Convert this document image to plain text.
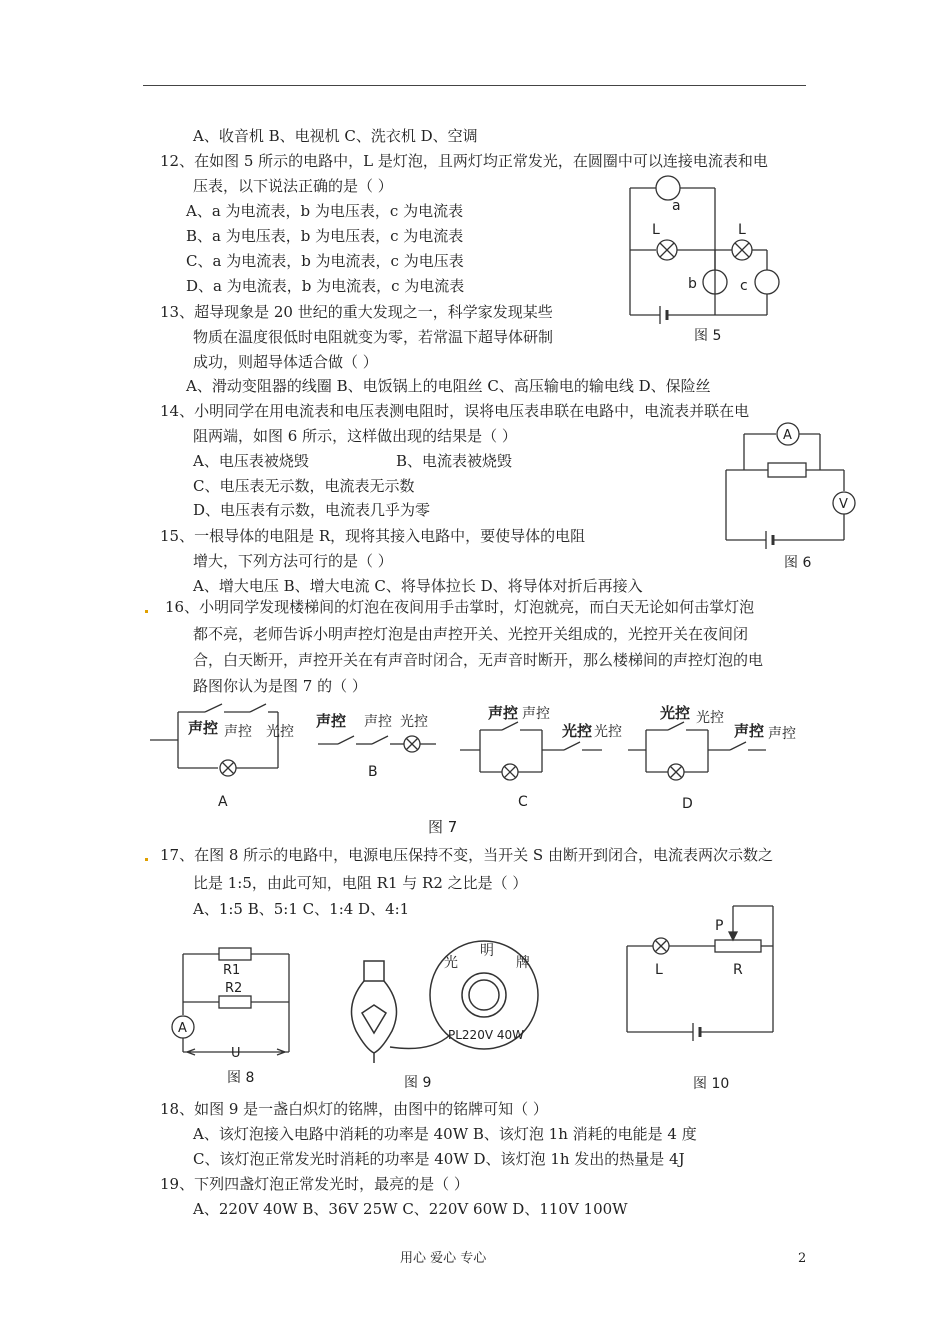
A、收音机 B、电视机 C、洗衣机 D、空调
12、在如图 5 所示的电路中，L 是灯泡，且两灯均正常发光，在圆圈中可以连接电流表和电
压表，以下说法正确的是（ ）
A、a 为电流表，b 为电压表，c 为电流表
B、a 为电压表，b 为电压表，c 为电流表
C、a 为电流表，b 为电流表，c 为电压表
D、a 为电流表，b 为电流表，c 为电流表
a
L	L
b	c
图 5
13、超导现象是 20 世纪的重大发现之一，科学家发现某些
物质在温度很低时电阻就变为零，若常温下超导体研制
成功，则超导体适合做（ ）
A、滑动变阻器的线圈 B、电饭锅上的电阻丝 C、高压输电的输电线 D、保险丝
14、小明同学在用电流表和电压表测电阻时，误将电压表串联在电路中，电流表并联在电
阻两端，如图 6 所示，这样做出现的结果是（ ）
A、电压表被烧毁	B、电流表被烧毁
C、电压表无示数，电流表无示数
D、电压表有示数，电流表几乎为零
A
V
图 6
15、一根导体的电阻是 R，现将其接入电路中，要使导体的电阻
增大，下列方法可行的是（ ）
A、增大电压 B、增大电流 C、将导体拉长 D、将导体对折后再接入
16、小明同学发现楼梯间的灯泡在夜间用手击掌时，灯泡就亮，而白天无论如何击掌灯泡
都不亮，老师告诉小明声控灯泡是由声控开关、光控开关组成的，光控开关在夜间闭
合，白天断开，声控开关在有声音时闭合，无声音时断开，那么楼梯间的声控灯泡的电
路图你认为是图 7 的（ ）
声控 声控 光控
声控 声控 光控	声控 声控
光控 光控
光控 光控
声控 声控
A
B
C	D
图 7
17、在图 8 所示的电路中，电源电压保持不变，当开关 S 由断开到闭合，电流表两次示数之
比是 1:5，由此可知，电阻 R1 与 R2 之比是（ ）
A、1:5 B、5:1 C、1:4 D、4:1
R1
R2
A
U
图 8
光
明
牌
PL220V 40W
图 9
P
L	R
图 10
18、如图 9 是一盏白炽灯的铭牌，由图中的铭牌可知（ ）
A、该灯泡接入电路中消耗的功率是 40W B、该灯泡 1h 消耗的电能是 4 度
C、该灯泡正常发光时消耗的功率是 40W D、该灯泡 1h 发出的热量是 4J
19、下列四盏灯泡正常发光时，最亮的是（ ）
A、220V 40W B、36V 25W C、220V 60W D、110V 100W
用心 爱心 专心	2
